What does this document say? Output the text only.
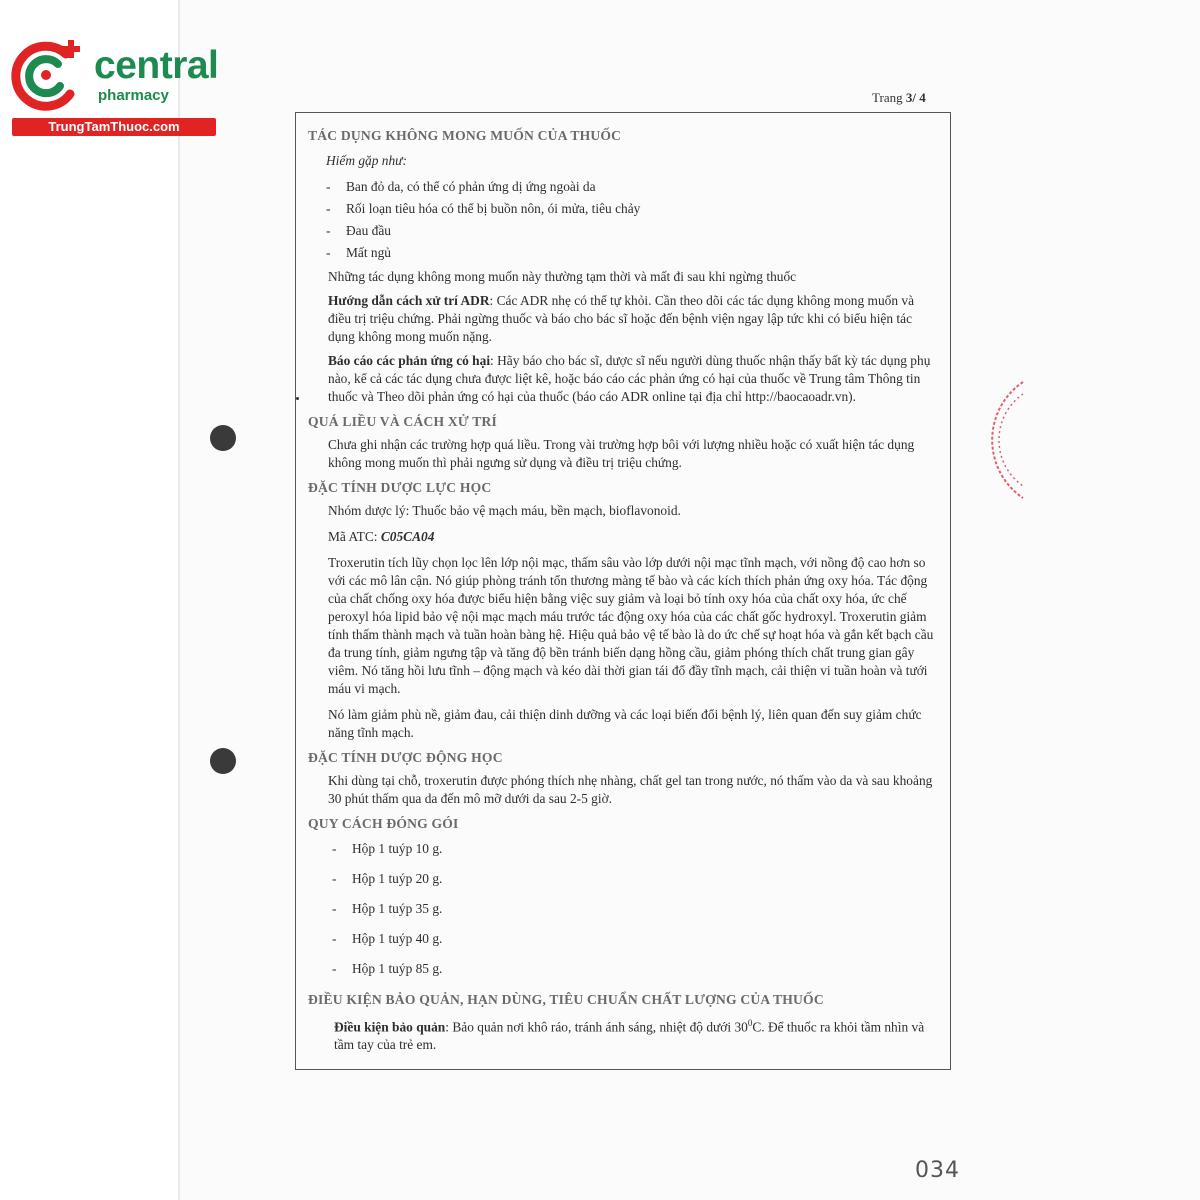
central
pharmacy
TrungTamThuoc.com
Trang 3/ 4
TÁC DỤNG KHÔNG MONG MUỐN CỦA THUỐC

Hiếm gặp như:

- Ban đỏ da, có thể có phản ứng dị ứng ngoài da
- Rối loạn tiêu hóa có thể bị buồn nôn, ói mửa, tiêu chảy
- Đau đầu
- Mất ngủ

Những tác dụng không mong muốn này thường tạm thời và mất đi sau khi ngừng thuốc

Hướng dẫn cách xử trí ADR: Các ADR nhẹ có thể tự khỏi. Cần theo dõi các tác dụng không mong muốn và điều trị triệu chứng. Phải ngừng thuốc và báo cho bác sĩ hoặc đến bệnh viện ngay lập tức khi có biểu hiện tác dụng không mong muốn nặng.

Báo cáo các phản ứng có hại: Hãy báo cho bác sĩ, dược sĩ nếu người dùng thuốc nhận thấy bất kỳ tác dụng phụ nào, kể cả các tác dụng chưa được liệt kê, hoặc báo cáo các phản ứng có hại của thuốc về Trung tâm Thông tin thuốc và Theo dõi phản ứng có hại của thuốc (báo cáo ADR online tại địa chỉ http://baocaoadr.vn).

QUÁ LIỀU VÀ CÁCH XỬ TRÍ

Chưa ghi nhận các trường hợp quá liều. Trong vài trường hợp bôi với lượng nhiều hoặc có xuất hiện tác dụng không mong muốn thì phải ngưng sử dụng và điều trị triệu chứng.

ĐẶC TÍNH DƯỢC LỰC HỌC

Nhóm dược lý: Thuốc bảo vệ mạch máu, bền mạch, bioflavonoid.

Mã ATC: C05CA04

Troxerutin tích lũy chọn lọc lên lớp nội mạc, thấm sâu vào lớp dưới nội mạc tĩnh mạch, với nồng độ cao hơn so với các mô lân cận. Nó giúp phòng tránh tổn thương màng tế bào và các kích thích phản ứng oxy hóa. Tác động của chất chống oxy hóa được biểu hiện bằng việc suy giảm và loại bỏ tính oxy hóa của chất oxy hóa, ức chế peroxyl hóa lipid bảo vệ nội mạc mạch máu trước tác động oxy hóa của các chất gốc hydroxyl. Troxerutin giảm tính thấm thành mạch và tuần hoàn bàng hệ. Hiệu quả bảo vệ tế bào là do ức chế sự hoạt hóa và gắn kết bạch cầu đa trung tính, giảm ngưng tập và tăng độ bền tránh biến dạng hồng cầu, giảm phóng thích chất trung gian gây viêm. Nó tăng hồi lưu tĩnh – động mạch và kéo dài thời gian tái đổ đầy tĩnh mạch, cải thiện vi tuần hoàn và tưới máu vi mạch.

Nó làm giảm phù nề, giảm đau, cải thiện dinh dưỡng và các loại biến đổi bệnh lý, liên quan đến suy giảm chức năng tĩnh mạch.

ĐẶC TÍNH DƯỢC ĐỘNG HỌC

Khi dùng tại chỗ, troxerutin được phóng thích nhẹ nhàng, chất gel tan trong nước, nó thấm vào da và sau khoảng 30 phút thấm qua da đến mô mỡ dưới da sau 2-5 giờ.

QUY CÁCH ĐÓNG GÓI
- Hộp 1 tuýp 10 g.
- Hộp 1 tuýp 20 g.
- Hộp 1 tuýp 35 g.
- Hộp 1 tuýp 40 g.
- Hộp 1 tuýp 85 g.
ĐIỀU KIỆN BẢO QUẢN, HẠN DÙNG, TIÊU CHUẨN CHẤT LƯỢNG CỦA THUỐC

Điều kiện bảo quản: Bảo quản nơi khô ráo, tránh ánh sáng, nhiệt độ dưới $30^0C$. Để thuốc ra khỏi tầm nhìn và tầm tay của trẻ em.

034
